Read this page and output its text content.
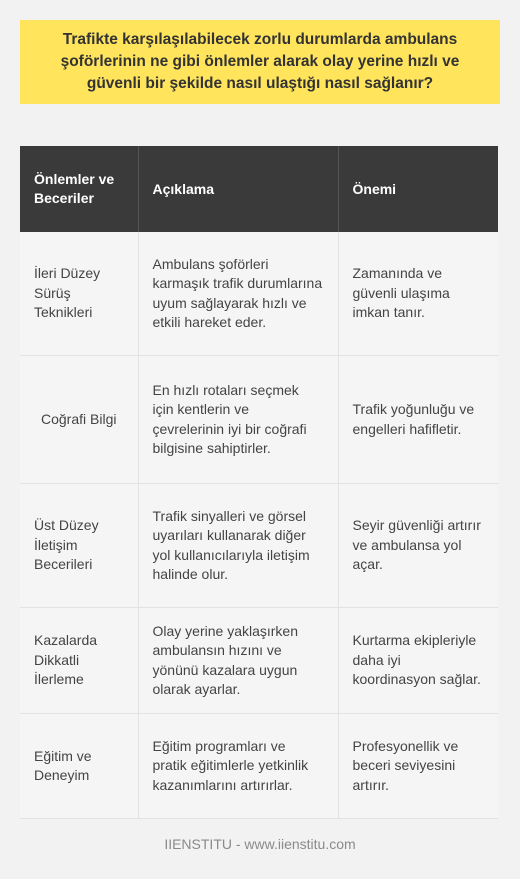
Trafikte karşılaşılabilecek zorlu durumlarda ambulans şoförlerinin ne gibi önlemler alarak olay yerine hızlı ve güvenli bir şekilde nasıl ulaştığı nasıl sağlanır?
Önlemler ve Beceriler	Açıklama	Önemi
İleri Düzey Sürüş Teknikleri	Ambulans şoförleri karmaşık trafik durumlarına uyum sağlayarak hızlı ve etkili hareket eder.	Zamanında ve güvenli ulaşıma imkan tanır.
Coğrafi Bilgi	En hızlı rotaları seçmek için kentlerin ve çevrelerinin iyi bir coğrafi bilgisine sahiptirler.	Trafik yoğunluğu ve engelleri hafifletir.
Üst Düzey İletişim Becerileri	Trafik sinyalleri ve görsel uyarıları kullanarak diğer yol kullanıcılarıyla iletişim halinde olur.	Seyir güvenliği artırır ve ambulansa yol açar.
Kazalarda Dikkatli İlerleme	Olay yerine yaklaşırken ambulansın hızını ve yönünü kazalara uygun olarak ayarlar.	Kurtarma ekipleriyle daha iyi koordinasyon sağlar.
Eğitim ve Deneyim	Eğitim programları ve pratik eğitimlerle yetkinlik kazanımlarını artırırlar.	Profesyonellik ve beceri seviyesini artırır.
IIENSTITU - www.iienstitu.com
